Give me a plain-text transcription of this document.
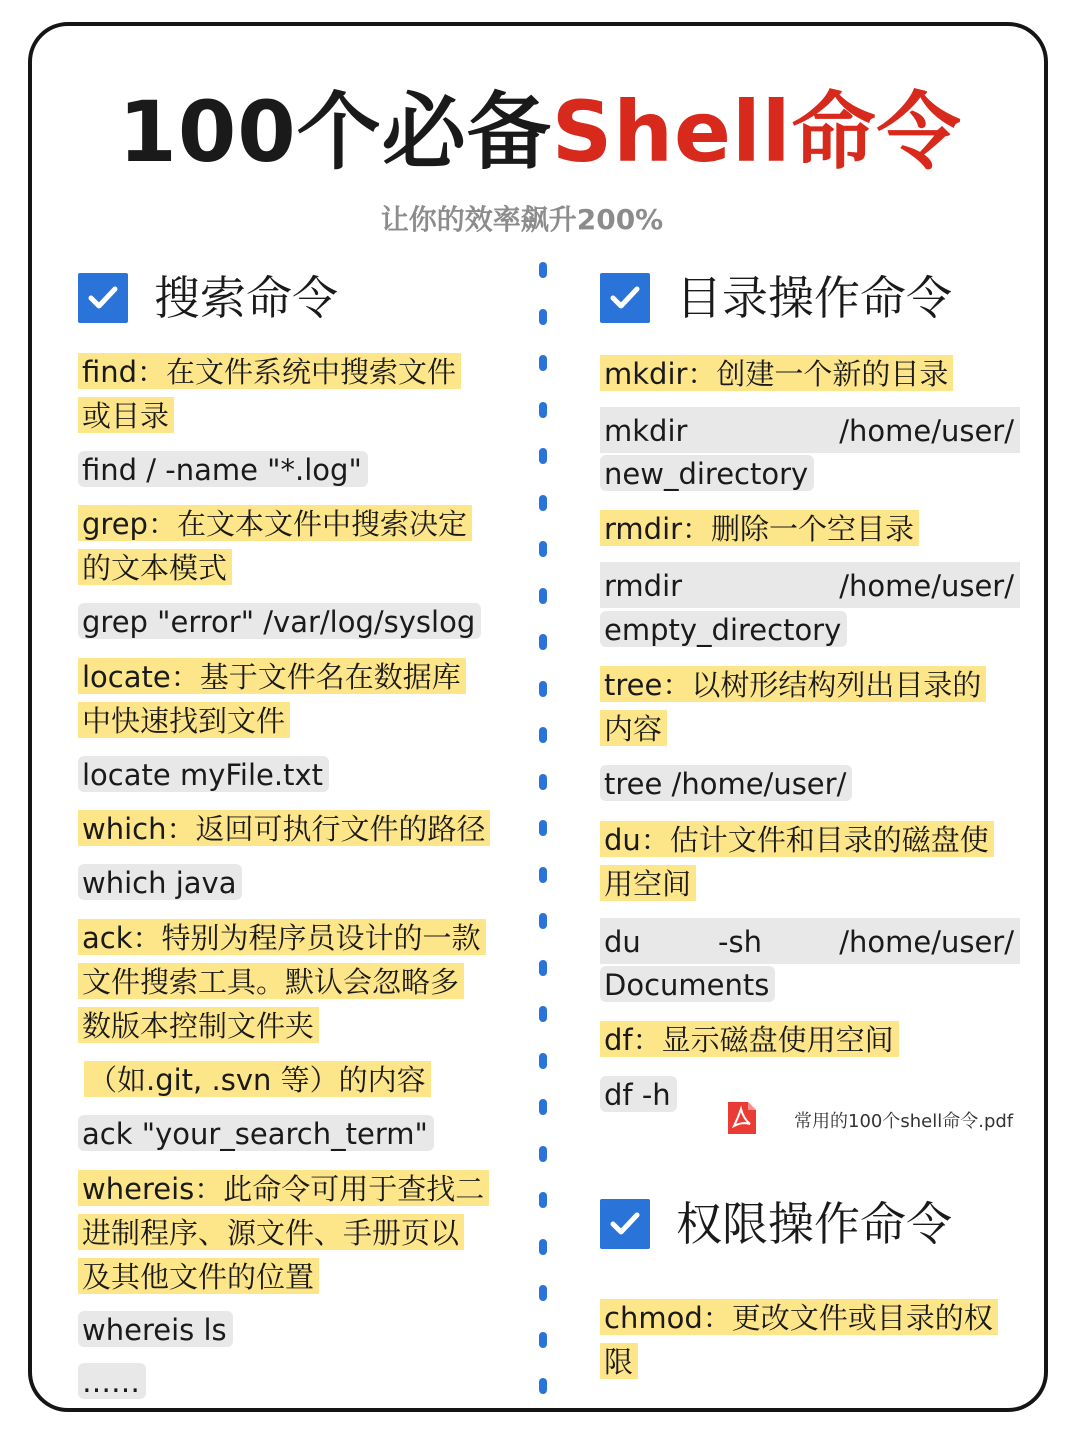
100个必备Shell命令
让你的效率飙升200%
搜索命令
find：在文件系统中搜索文件
或目录
find / -name "*.log"
grep：在文本文件中搜索决定
的文本模式
grep "error" /var/log/syslog
locate：基于文件名在数据库
中快速找到文件
locate myFile.txt
which：返回可执行文件的路径
which java
ack：特别为程序员设计的一款
文件搜索工具。默认会忽略多
数版本控制文件夹
（如.git, .svn 等）的内容
ack "your_search_term"
whereis：此命令可用于查找二
进制程序、源文件、手册页以
及其他文件的位置
whereis ls
……
目录操作命令
mkdir：创建一个新的目录
mkdir	/home/user/
new_directory
rmdir：删除一个空目录
rmdir	/home/user/
empty_directory
tree：以树形结构列出目录的
内容
tree /home/user/
du：估计文件和目录的磁盘使
用空间
du	-sh	/home/user/
Documents
df：显示磁盘使用空间
df -h
常用的100个shell命令.pdf
权限操作命令
chmod：更改文件或目录的权
限
